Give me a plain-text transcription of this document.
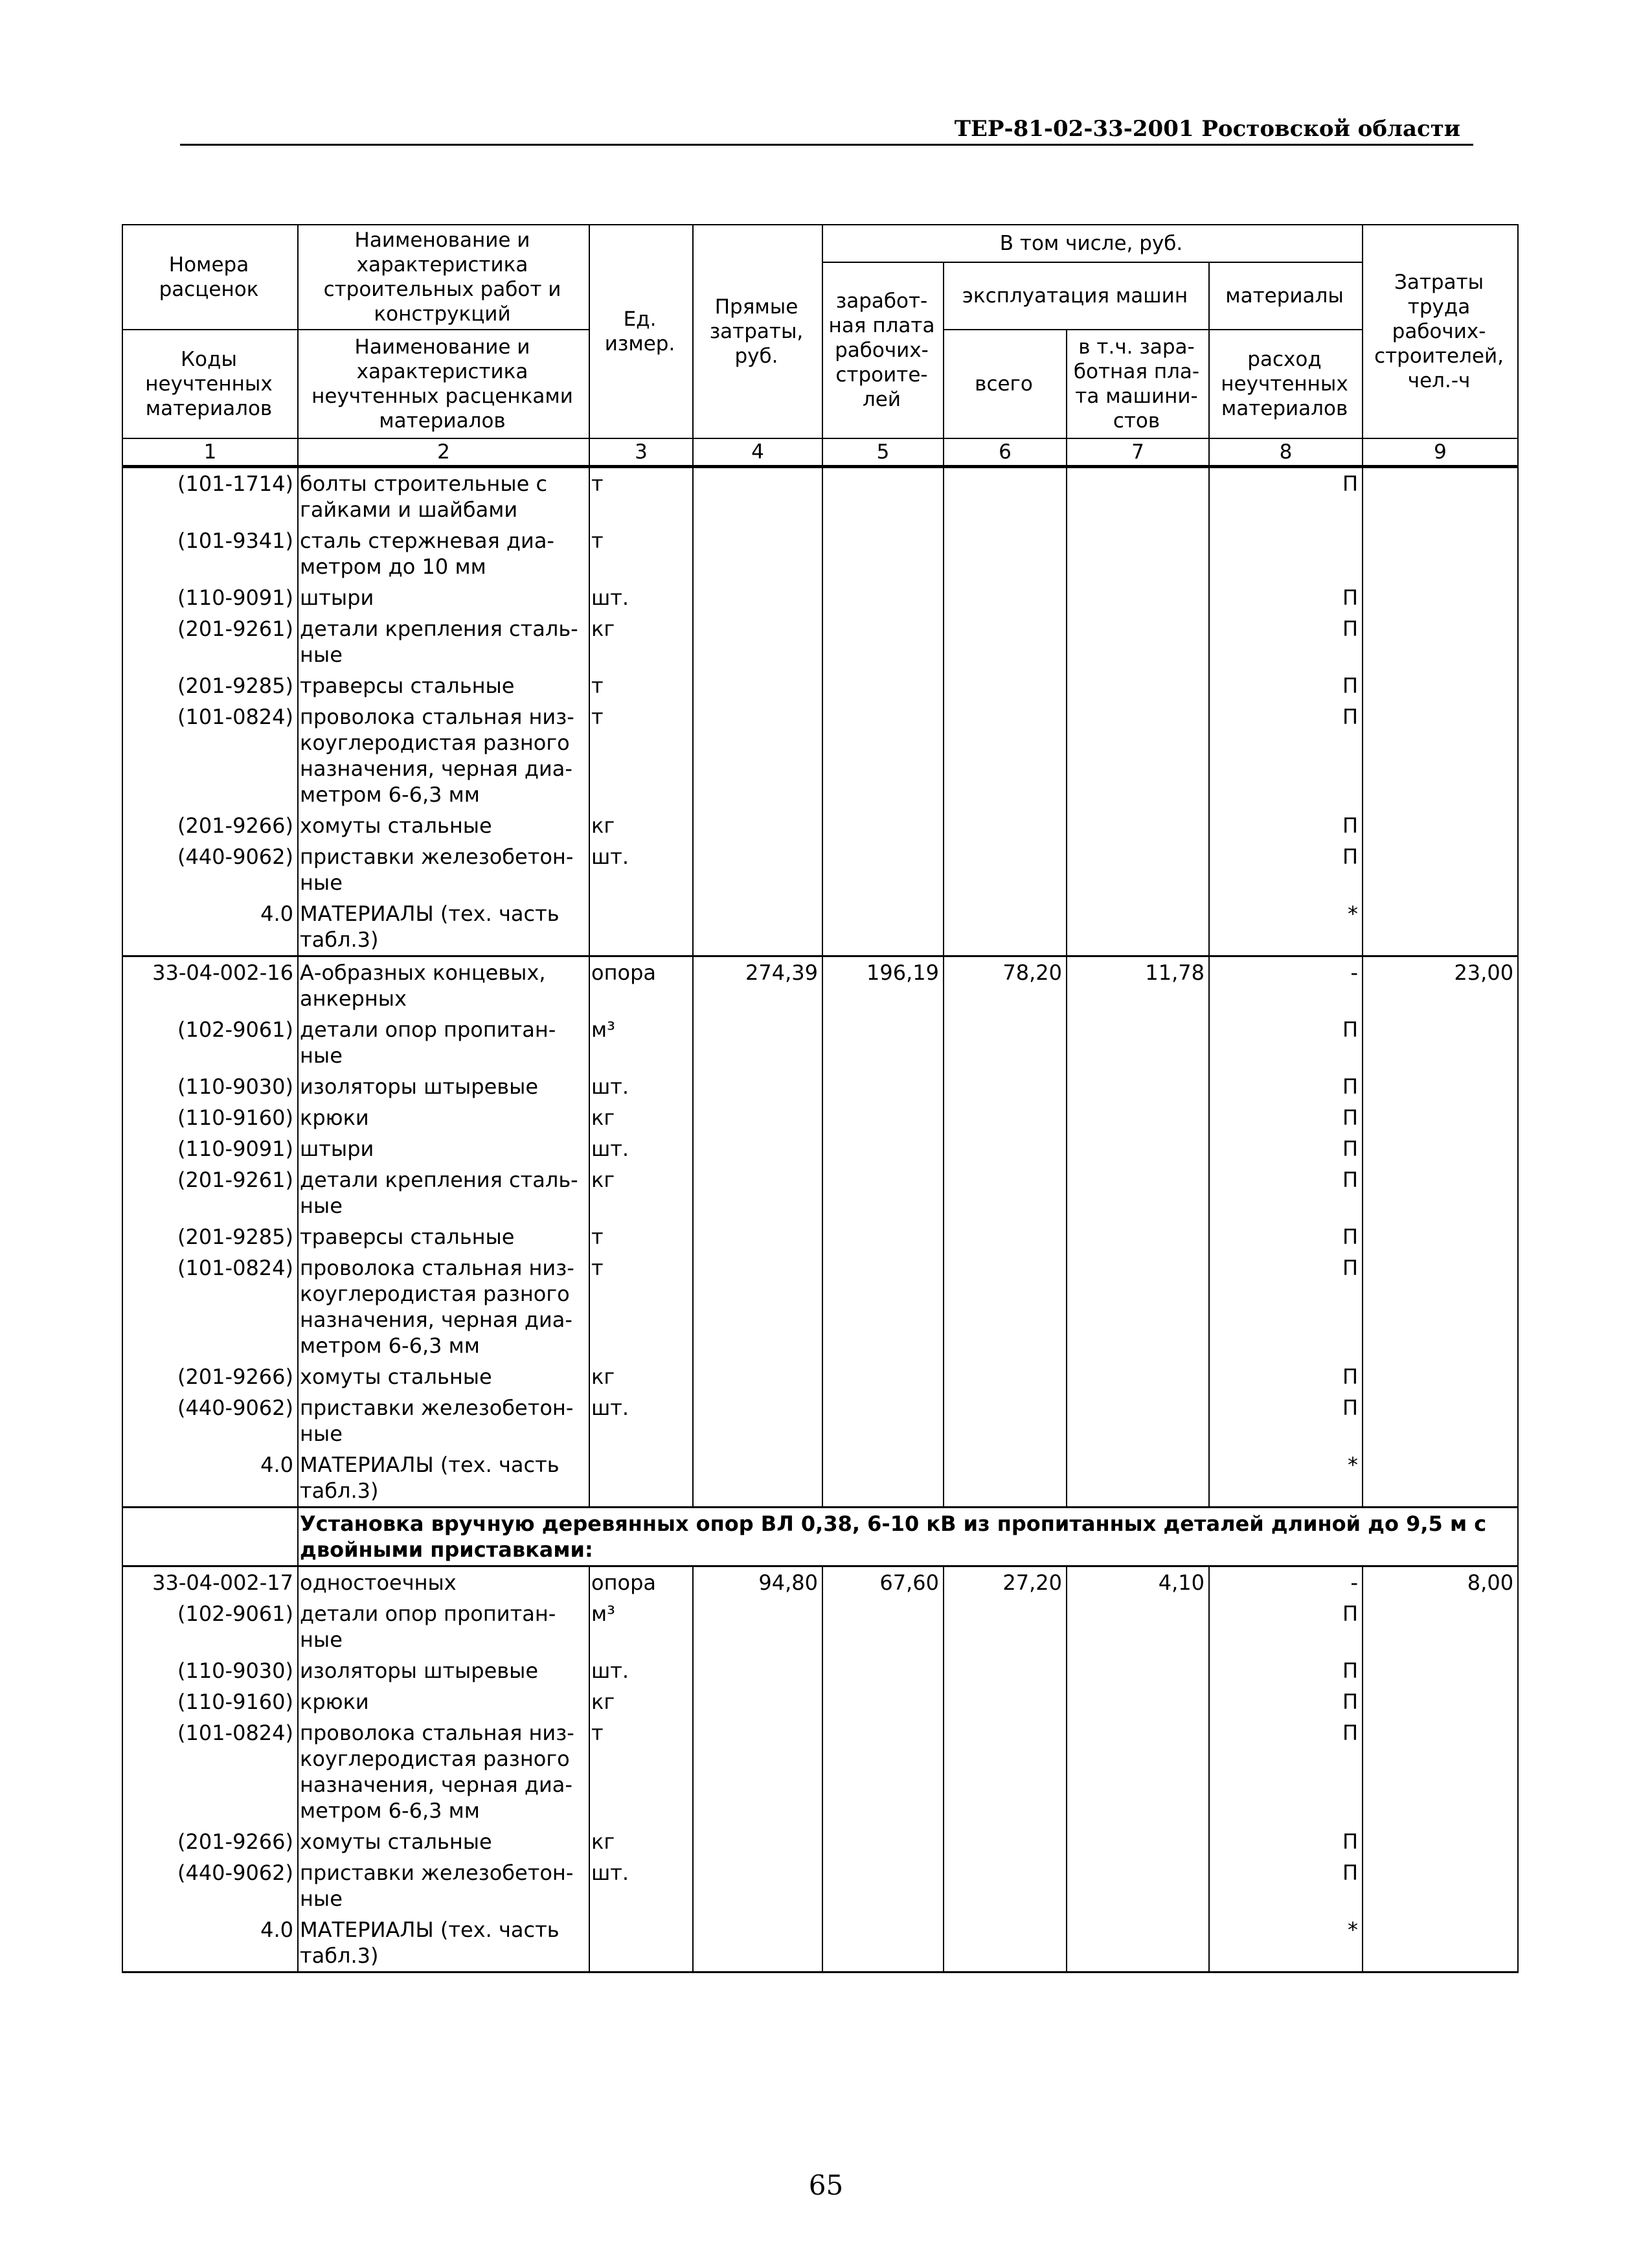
ТЕР-81-02-33-2001 Ростовской области
Номера расценок	Наименование и характеристика строительных работ и конструкций	Ед. измер.	Прямые затраты, руб.	В том числе, руб.				Затраты труда рабочих-строителей, чел.-ч
				заработ-ная плата рабочих-строите-лей	эксплуатация машин		материалы	
Коды неучтенных материалов	Наименование и характеристика неучтенных расценками материалов				всего	в т.ч. зара-ботная пла-та машини-стов	расход неучтенных материалов	

1	2	3	4	5	6	7	8	9
(101-1714)	болты строительные с гайками и шайбами	т					П	
(101-9341)	сталь стержневая диа-метром до 10 мм	т						
(110-9091)	штыри	шт.					П	
(201-9261)	детали крепления сталь-ные	кг					П	
(201-9285)	траверсы стальные	т					П	
(101-0824)	проволока стальная низ-коуглеродистая разного назначения, черная диа-метром 6-6,3 мм	т					П	
(201-9266)	хомуты стальные	кг					П	
(440-9062)	приставки железобетон-ные	шт.					П	
4.0	МАТЕРИАЛЫ (тех. часть табл.3)						*	
33-04-002-16	А-образных концевых, анкерных	опора	274,39	196,19	78,20	11,78	-	23,00
(102-9061)	детали опор пропитан-ные	м³					П	
(110-9030)	изоляторы штыревые	шт.					П	
(110-9160)	крюки	кг					П	
(110-9091)	штыри	шт.					П	
(201-9261)	детали крепления сталь-ные	кг					П	
(201-9285)	траверсы стальные	т					П	
(101-0824)	проволока стальная низ-коуглеродистая разного назначения, черная диа-метром 6-6,3 мм	т					П	
(201-9266)	хомуты стальные	кг					П	
(440-9062)	приставки железобетон-ные	шт.					П	
4.0	МАТЕРИАЛЫ (тех. часть табл.3)						*	
	Установка вручную деревянных опор ВЛ 0,38, 6-10 кВ из пропитанных деталей длиной до 9,5 м с двойными приставками:							
33-04-002-17	одностоечных	опора	94,80	67,60	27,20	4,10	-	8,00
(102-9061)	детали опор пропитан-ные	м³					П	
(110-9030)	изоляторы штыревые	шт.					П	
(110-9160)	крюки	кг					П	
(101-0824)	проволока стальная низ-коуглеродистая разного назначения, черная диа-метром 6-6,3 мм	т					П	
(201-9266)	хомуты стальные	кг					П	
(440-9062)	приставки железобетон-ные	шт.					П	
4.0	МАТЕРИАЛЫ (тех. часть табл.3)						*	
65
